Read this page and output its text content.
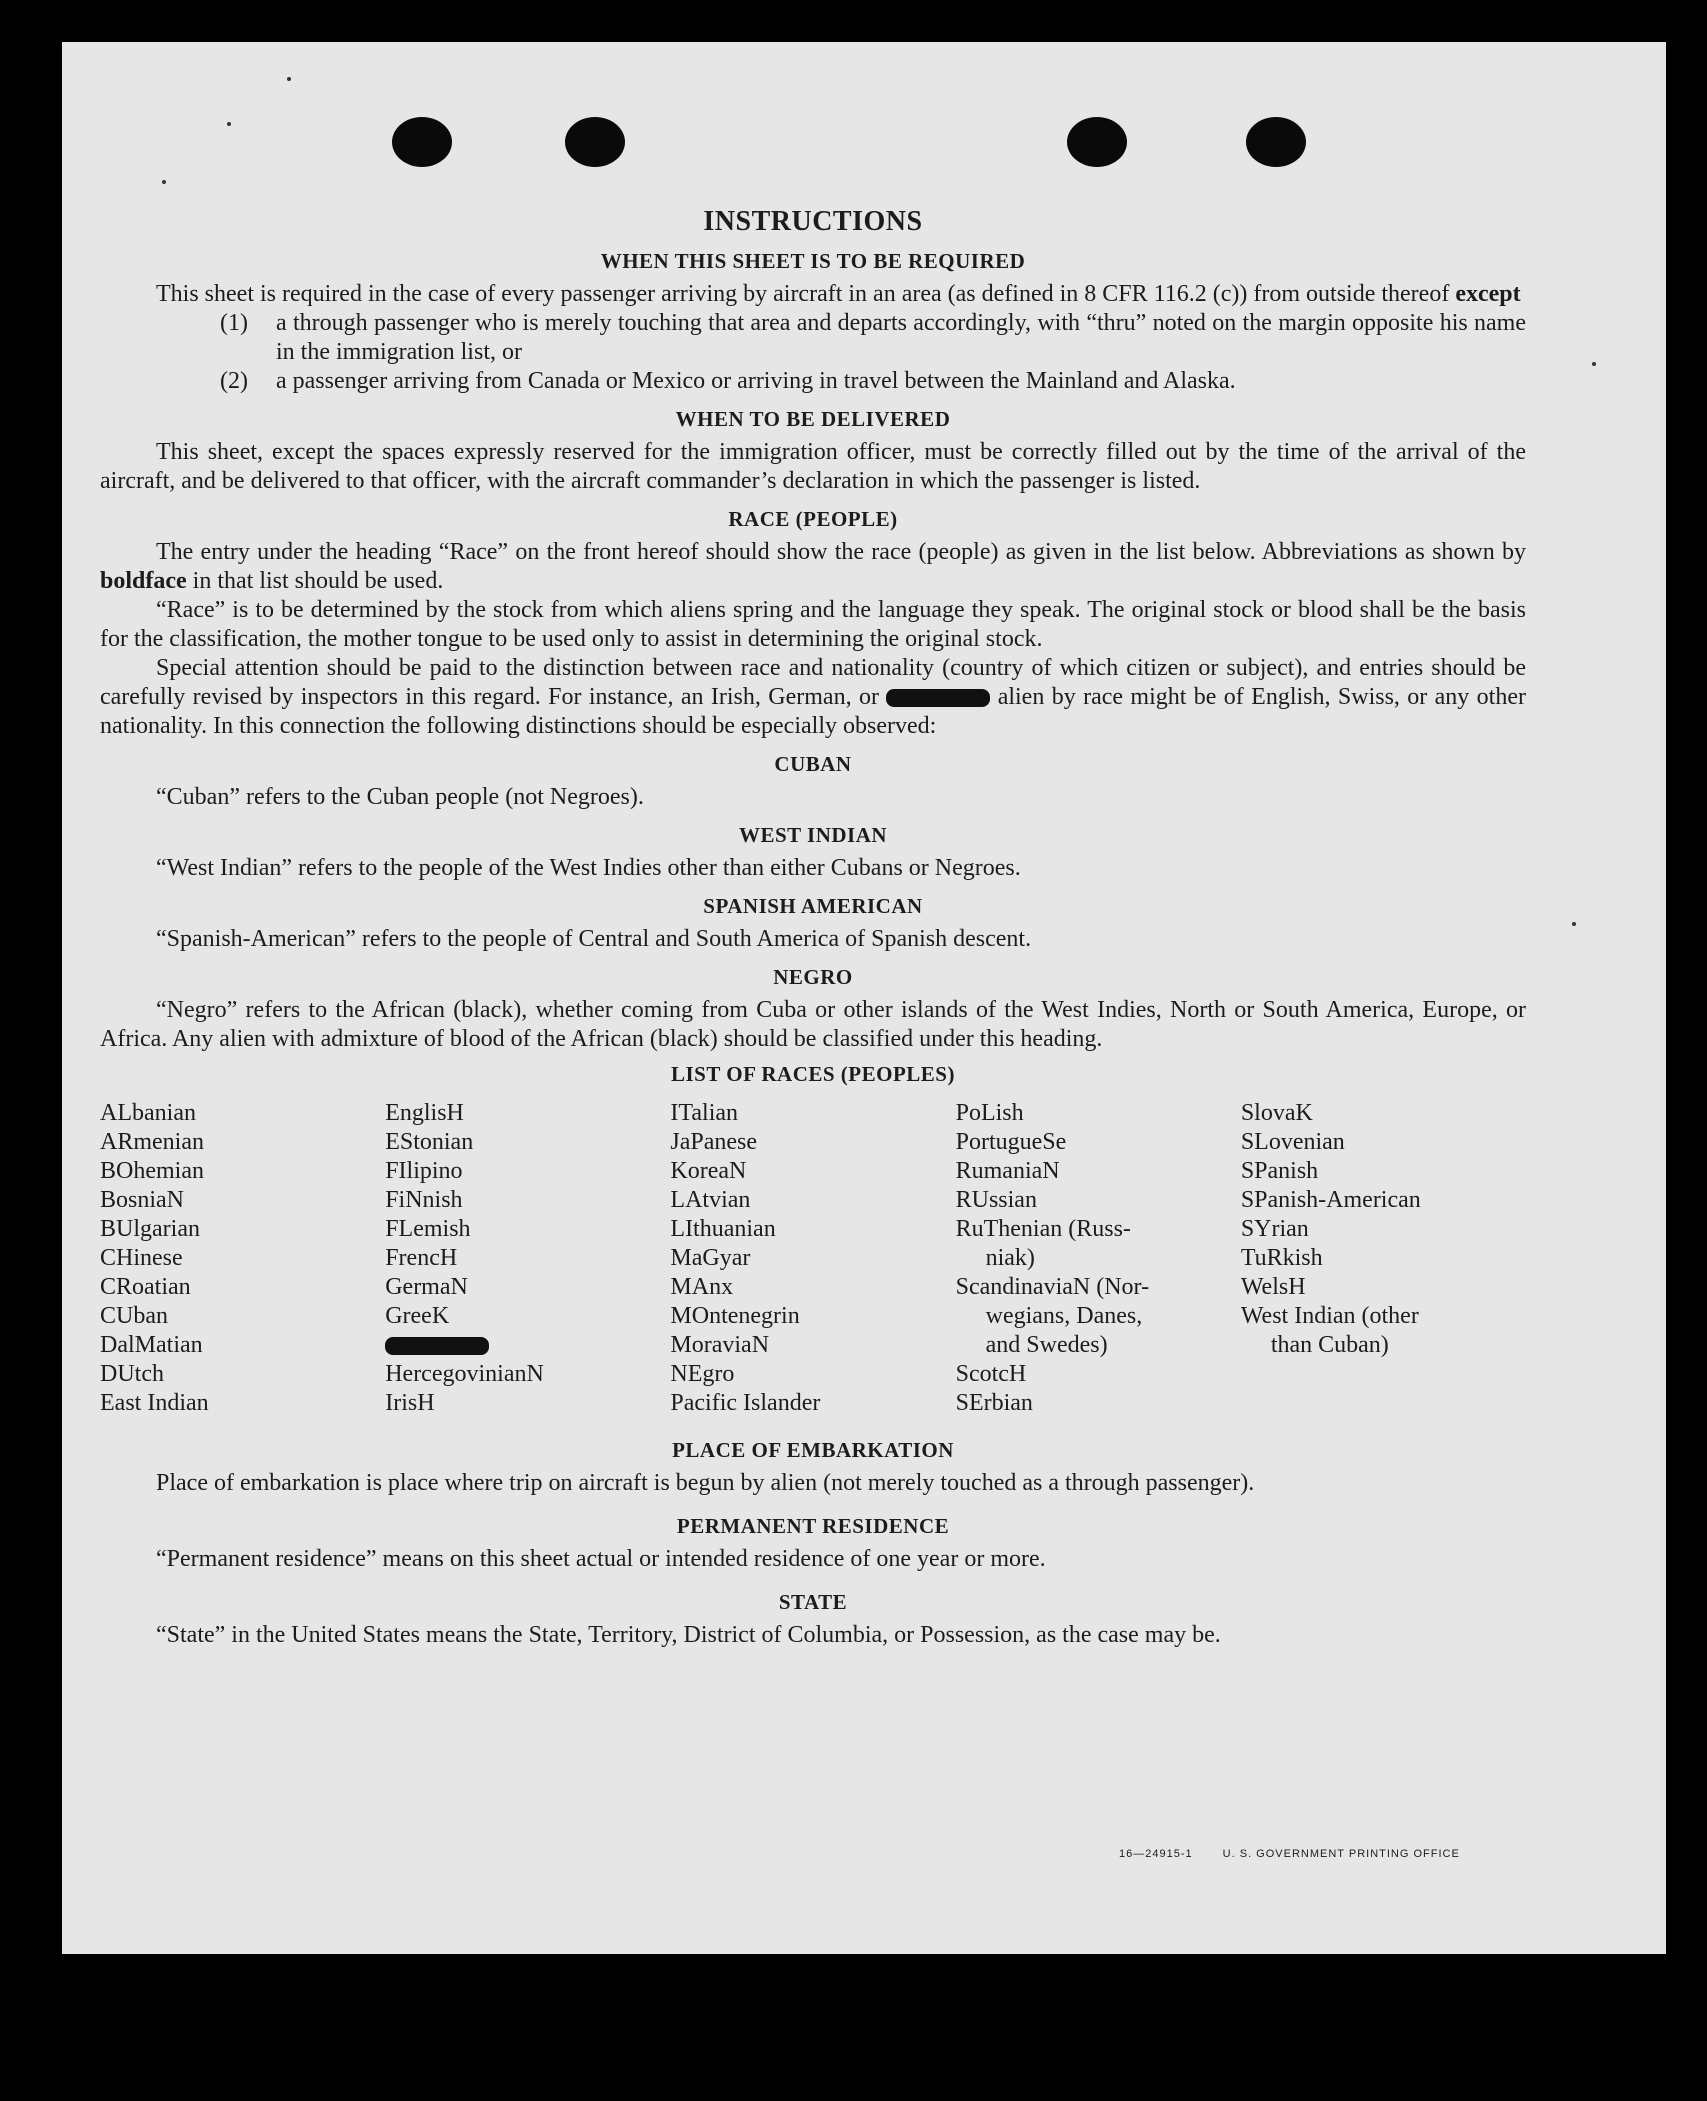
INSTRUCTIONS
WHEN THIS SHEET IS TO BE REQUIRED

This sheet is required in the case of every passenger arriving by aircraft in an area (as defined in 8 CFR 116.2 (c)) from outside thereof except

(1)	a through passenger who is merely touching that area and departs accordingly, with “thru” noted on the margin opposite his name in the immigration list, or
(2)	a passenger arriving from Canada or Mexico or arriving in travel between the Mainland and Alaska.
WHEN TO BE DELIVERED

This sheet, except the spaces expressly reserved for the immigration officer, must be correctly filled out by the time of the arrival of the aircraft, and be delivered to that officer, with the aircraft commander’s declaration in which the passenger is listed.

RACE (PEOPLE)

The entry under the heading “Race” on the front hereof should show the race (people) as given in the list below. Abbreviations as shown by boldface in that list should be used.

“Race” is to be determined by the stock from which aliens spring and the language they speak. The original stock or blood shall be the basis for the classification, the mother tongue to be used only to assist in determining the original stock.

Special attention should be paid to the distinction between race and nationality (country of which citizen or subject), and entries should be carefully revised by inspectors in this regard. For instance, an Irish, German, or	alien by race might be of English, Swiss, or any other nationality. In this connection the following distinctions should be especially observed:

CUBAN

“Cuban” refers to the Cuban people (not Negroes).

WEST INDIAN

“West Indian” refers to the people of the West Indies other than either Cubans or Negroes.

SPANISH AMERICAN

“Spanish-American” refers to the people of Central and South America of Spanish descent.

NEGRO

“Negro” refers to the African (black), whether coming from Cuba or other islands of the West Indies, North or South America, Europe, or Africa. Any alien with admixture of blood of the African (black) should be classified under this heading.

LIST OF RACES (PEOPLES)
ALbanian
ARmenian
BOhemian
BosniaN
BUlgarian
CHinese
CRoatian
CUban
DalMatian
DUtch
East Indian
EnglisH
EStonian
FIlipino
FiNnish
FLemish
FrencH
GermaN
GreeK
HercegovinianN
IrisH
ITalian
JaPanese
KoreaN
LAtvian
LIthuanian
MaGyar
MAnx
MOntenegrin
MoraviaN
NEgro
Pacific Islander
PoLish
PortugueSe
RumaniaN
RUssian
RuThenian (Russ-
niak)
ScandinaviaN (Nor-
wegians, Danes,
and Swedes)
ScotcH
SErbian
SlovaK
SLovenian
SPanish
SPanish-American
SYrian
TuRkish
WelsH
West Indian (other
than Cuban)
PLACE OF EMBARKATION

Place of embarkation is place where trip on aircraft is begun by alien (not merely touched as a through passenger).

PERMANENT RESIDENCE

“Permanent residence” means on this sheet actual or intended residence of one year or more.

STATE

“State” in the United States means the State, Territory, District of Columbia, or Possession, as the case may be.

16—24915-1	U. S. GOVERNMENT PRINTING OFFICE
